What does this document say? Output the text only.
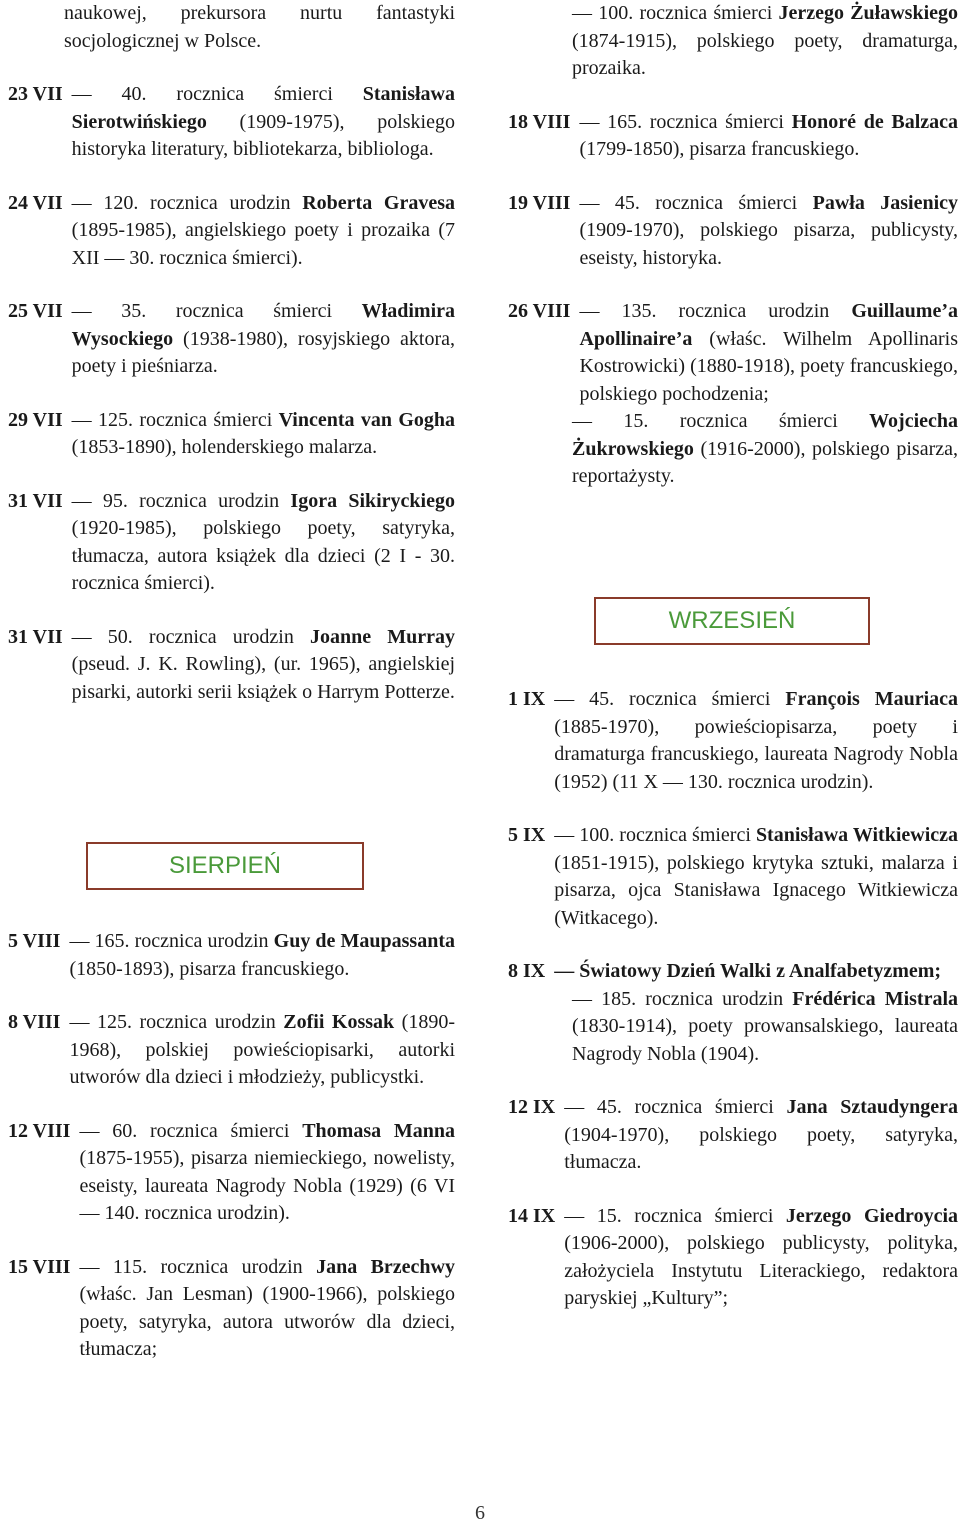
naukowej, prekursora nurtu fantastyki socjologicznej w Polsce.
23 VII — 40. rocznica śmierci Stanisława Sierotwińskiego (1909-1975), polskiego historyka literatury, bibliotekarza, bibliologa.
24 VII — 120. rocznica urodzin Roberta Gravesa (1895-1985), angielskiego poety i prozaika (7 XII — 30. rocznica śmierci).
25 VII — 35. rocznica śmierci Władimira Wysockiego (1938-1980), rosyjskiego aktora, poety i pieśniarza.
29 VII — 125. rocznica śmierci Vincenta van Gogha (1853-1890), holenderskiego malarza.
31 VII — 95. rocznica urodzin Igora Sikiryckiego (1920-1985), polskiego poety, satyryka, tłumacza, autora książek dla dzieci (2 I - 30. rocznica śmierci).
31 VII — 50. rocznica urodzin Joanne Murray (pseud. J. K. Rowling), (ur. 1965), angielskiej pisarki, autorki serii książek o Harrym Potterze.
SIERPIEŃ
5 VIII — 165. rocznica urodzin Guy de Maupassanta (1850-1893), pisarza francuskiego.
8 VIII — 125. rocznica urodzin Zofii Kossak (1890-1968), polskiej powieściopisarki, autorki utworów dla dzieci i młodzieży, publicystki.
12 VIII — 60. rocznica śmierci Thomasa Manna (1875-1955), pisarza niemieckiego, nowelisty, eseisty, laureata Nagrody Nobla (1929) (6 VI — 140. rocznica urodzin).
15 VIII — 115. rocznica urodzin Jana Brzechwy (właśc. Jan Lesman) (1900-1966), polskiego poety, satyryka, autora utworów dla dzieci, tłumacza;
— 100. rocznica śmierci Jerzego Żuławskiego (1874-1915), polskiego poety, dramaturga, prozaika.
18 VIII — 165. rocznica śmierci Honoré de Balzaca (1799-1850), pisarza francuskiego.
19 VIII — 45. rocznica śmierci Pawła Jasienicy (1909-1970), polskiego pisarza, publicysty, eseisty, historyka.
26 VIII — 135. rocznica urodzin Guillaume’a Apollinaire’a (właśc. Wilhelm Apollinaris Kostrowicki) (1880-1918), poety francuskiego, polskiego pochodzenia;
— 15. rocznica śmierci Wojciecha Żukrowskiego (1916-2000), polskiego pisarza, reportażysty.
WRZESIEŃ
1 IX — 45. rocznica śmierci François Mauriaca (1885-1970), powieściopisarza, poety i dramaturga francuskiego, laureata Nagrody Nobla (1952) (11 X — 130. rocznica urodzin).
5 IX — 100. rocznica śmierci Stanisława Witkiewicza (1851-1915), polskiego krytyka sztuki, malarza i pisarza, ojca Stanisława Ignacego Witkiewicza (Witkacego).
8 IX — Światowy Dzień Walki z Analfabetyzmem;
— 185. rocznica urodzin Frédérica Mistrala (1830-1914), poety prowansalskiego, laureata Nagrody Nobla (1904).
12 IX — 45. rocznica śmierci Jana Sztaudyngera (1904-1970), polskiego poety, satyryka, tłumacza.
14 IX — 15. rocznica śmierci Jerzego Giedroycia (1906-2000), polskiego publicysty, polityka, założyciela Instytutu Literackiego, redaktora paryskiej „Kultury”;
6
